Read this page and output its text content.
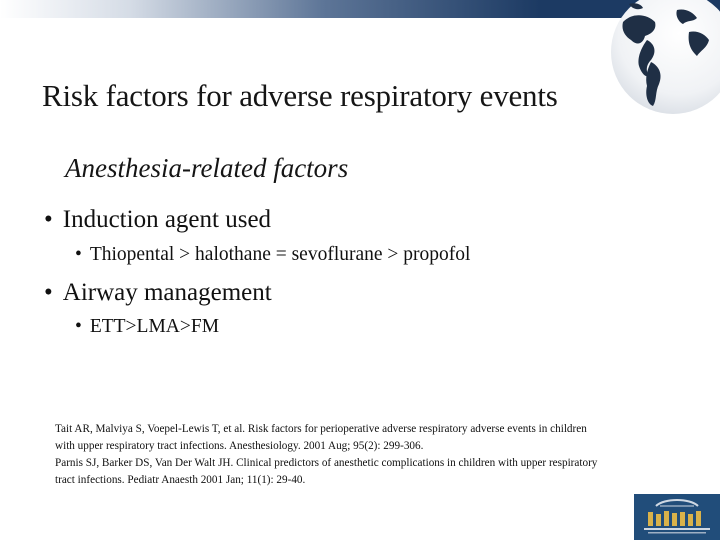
Risk factors for adverse respiratory events
Anesthesia-related factors
• Induction agent used
• Thiopental > halothane = sevoflurane > propofol
• Airway management
• ETT>LMA>FM
Tait AR, Malviya S, Voepel-Lewis T, et al. Risk factors for perioperative adverse respiratory adverse events in children
with upper respiratory tract infections. Anesthesiology. 2001 Aug; 95(2): 299-306.
Parnis SJ, Barker DS, Van Der Walt JH. Clinical predictors of anesthetic complications in children with upper respiratory
tract infections. Pediatr Anaesth 2001 Jan; 11(1): 29-40.
